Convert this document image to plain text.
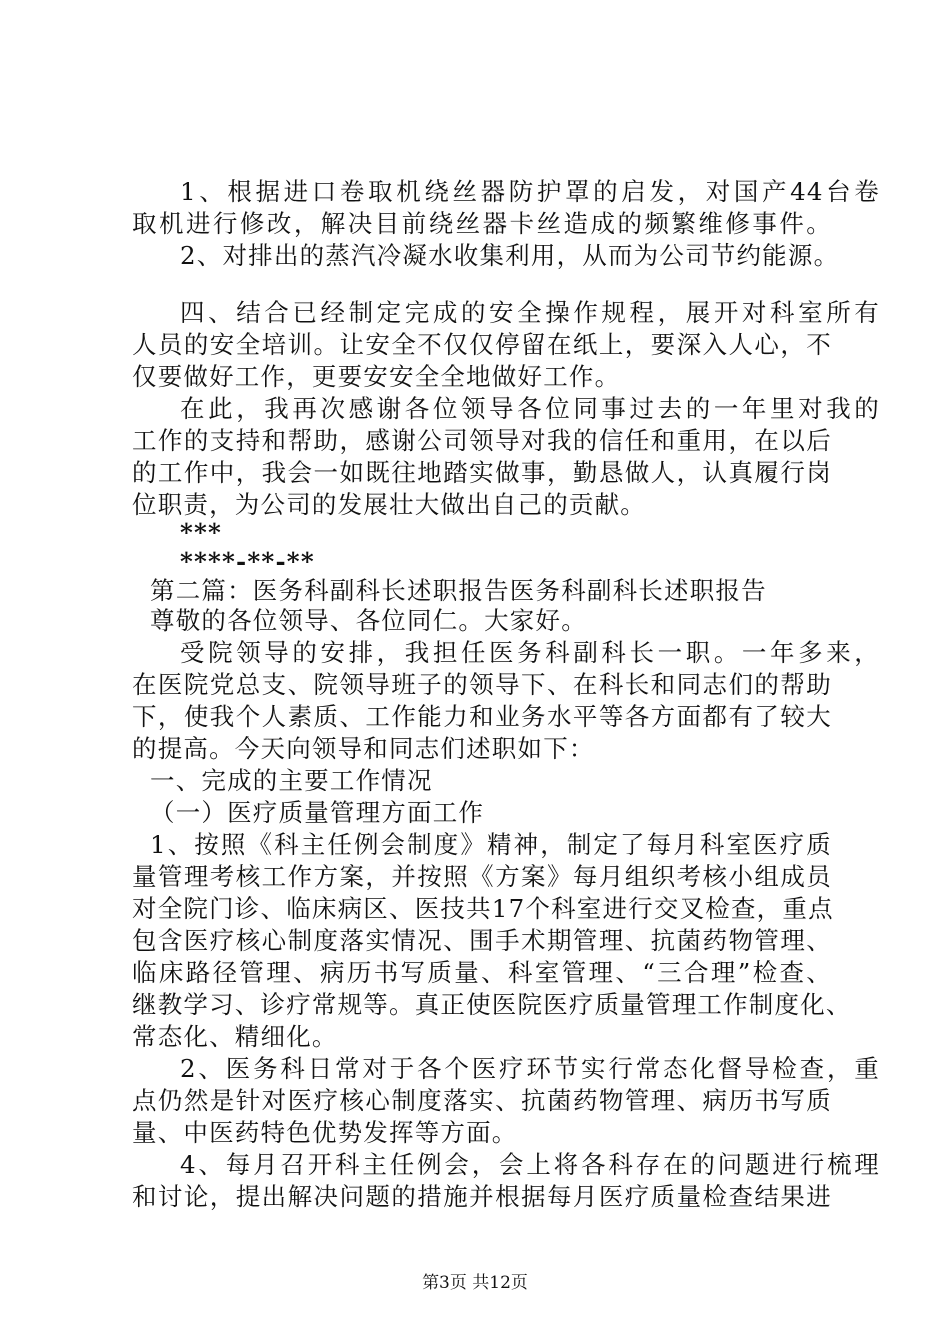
1、根据进口卷取机绕丝器防护罩的启发，对国产44台卷
取机进行修改，解决目前绕丝器卡丝造成的频繁维修事件。
2、对排出的蒸汽冷凝水收集利用，从而为公司节约能源。
四、结合已经制定完成的安全操作规程，展开对科室所有
人员的安全培训。让安全不仅仅停留在纸上，要深入人心，不
仅要做好工作，更要安安全全地做好工作。
在此，我再次感谢各位领导各位同事过去的一年里对我的
工作的支持和帮助，感谢公司领导对我的信任和重用，在以后
的工作中，我会一如既往地踏实做事，勤恳做人，认真履行岗
位职责，为公司的发展壮大做出自己的贡献。
***
****-**-**
第二篇：医务科副科长述职报告医务科副科长述职报告
尊敬的各位领导、各位同仁。大家好。
受院领导的安排，我担任医务科副科长一职。一年多来，
在医院党总支、院领导班子的领导下、在科长和同志们的帮助
下，使我个人素质、工作能力和业务水平等各方面都有了较大
的提高。今天向领导和同志们述职如下：
一、完成的主要工作情况
（一）医疗质量管理方面工作
1、按照《科主任例会制度》精神，制定了每月科室医疗质
量管理考核工作方案，并按照《方案》每月组织考核小组成员
对全院门诊、临床病区、医技共17个科室进行交叉检查，重点
包含医疗核心制度落实情况、围手术期管理、抗菌药物管理、
临床路径管理、病历书写质量、科室管理、“三合理”检查、
继教学习、诊疗常规等。真正使医院医疗质量管理工作制度化、
常态化、精细化。
2、医务科日常对于各个医疗环节实行常态化督导检查，重
点仍然是针对医疗核心制度落实、抗菌药物管理、病历书写质
量、中医药特色优势发挥等方面。
4、每月召开科主任例会，会上将各科存在的问题进行梳理
和讨论，提出解决问题的措施并根据每月医疗质量检查结果进
第3页 共12页
